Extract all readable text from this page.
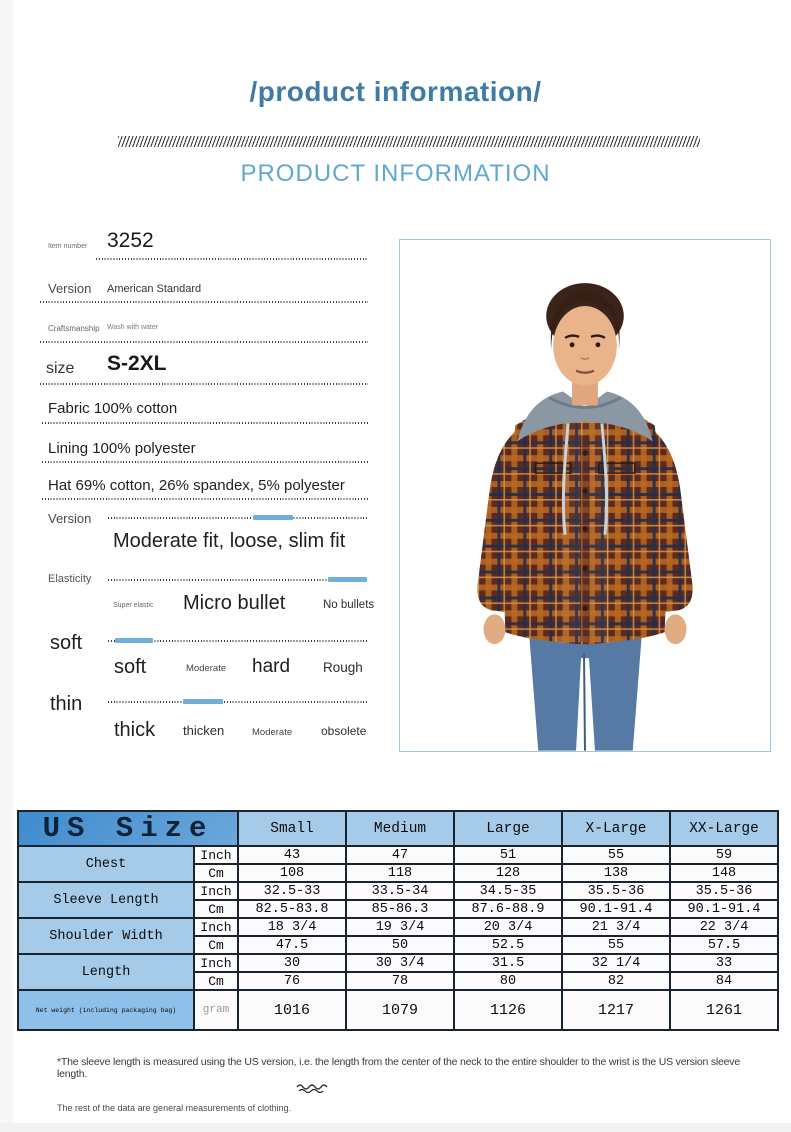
/product information/
PRODUCT INFORMATION
Item number 3252
Version American Standard
Craftsmanship Wash with water
size S-2XL
Fabric 100% cotton
Lining 100% polyester
Hat 69% cotton, 26% spandex, 5% polyester
Version
Moderate fit, loose, slim fit
Elasticity
Super elastic Micro bullet	No bullets
soft
soft	Moderate hard Rough
thin
thick thicken	Moderate obsolete
US Size		Small	Medium	Large	X-Large	XX-Large
Chest	Inch	43	47	51	55	59
	Cm	108	118	128	138	148
Sleeve Length	Inch	32.5-33	33.5-34	34.5-35	35.5-36	35.5-36
	Cm	82.5-83.8	85-86.3	87.6-88.9	90.1-91.4	90.1-91.4
Shoulder Width	Inch	18 3/4	19 3/4	20 3/4	21 3/4	22 3/4
	Cm	47.5	50	52.5	55	57.5
Length	Inch	30	30 3/4	31.5	32 1/4	33
	Cm	76	78	80	82	84
Net weight (including packaging bag)	gram	1016	1079	1126	1217	1261
*The sleeve length is measured using the US version, i.e. the length from the center of the neck to the entire shoulder to the wrist is the US version sleeve length.
The rest of the data are general measurements of clothing.
